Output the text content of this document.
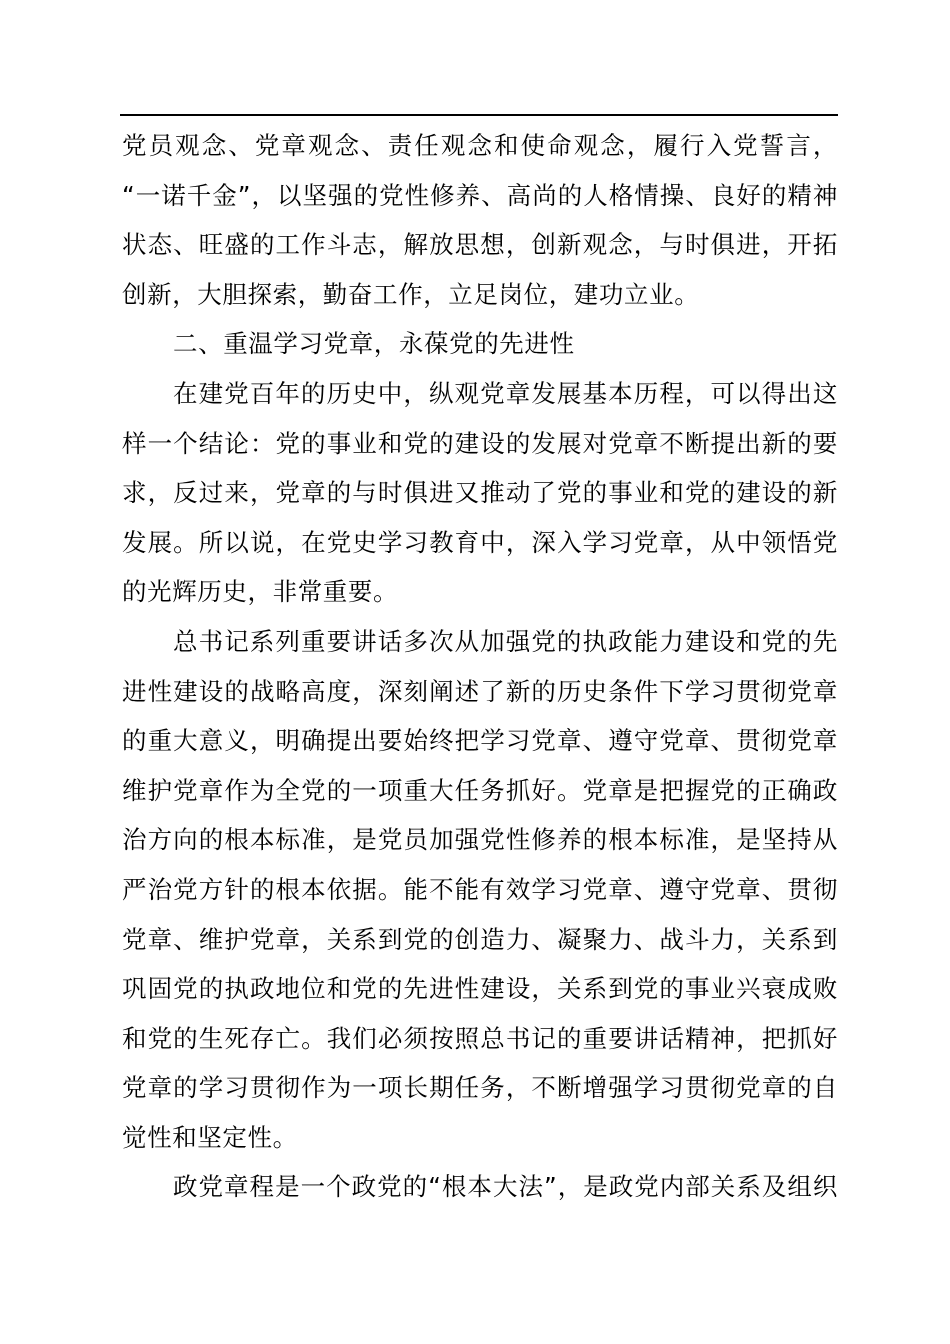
党员观念、党章观念、责任观念和使命观念，履行入党誓言，
“一诺千金”，以坚强的党性修养、高尚的人格情操、良好的精神
状态、旺盛的工作斗志，解放思想，创新观念，与时俱进，开拓
创新，大胆探索，勤奋工作，立足岗位，建功立业。
二、重温学习党章，永葆党的先进性
在建党百年的历史中，纵观党章发展基本历程，可以得出这
样一个结论：党的事业和党的建设的发展对党章不断提出新的要
求，反过来，党章的与时俱进又推动了党的事业和党的建设的新
发展。所以说，在党史学习教育中，深入学习党章，从中领悟党
的光辉历史，非常重要。
总书记系列重要讲话多次从加强党的执政能力建设和党的先
进性建设的战略高度，深刻阐述了新的历史条件下学习贯彻党章
的重大意义，明确提出要始终把学习党章、遵守党章、贯彻党章
维护党章作为全党的一项重大任务抓好。党章是把握党的正确政
治方向的根本标准，是党员加强党性修养的根本标准，是坚持从
严治党方针的根本依据。能不能有效学习党章、遵守党章、贯彻
党章、维护党章，关系到党的创造力、凝聚力、战斗力，关系到
巩固党的执政地位和党的先进性建设，关系到党的事业兴衰成败
和党的生死存亡。我们必须按照总书记的重要讲话精神，把抓好
党章的学习贯彻作为一项长期任务，不断增强学习贯彻党章的自
觉性和坚定性。
政党章程是一个政党的“根本大法”，是政党内部关系及组织
